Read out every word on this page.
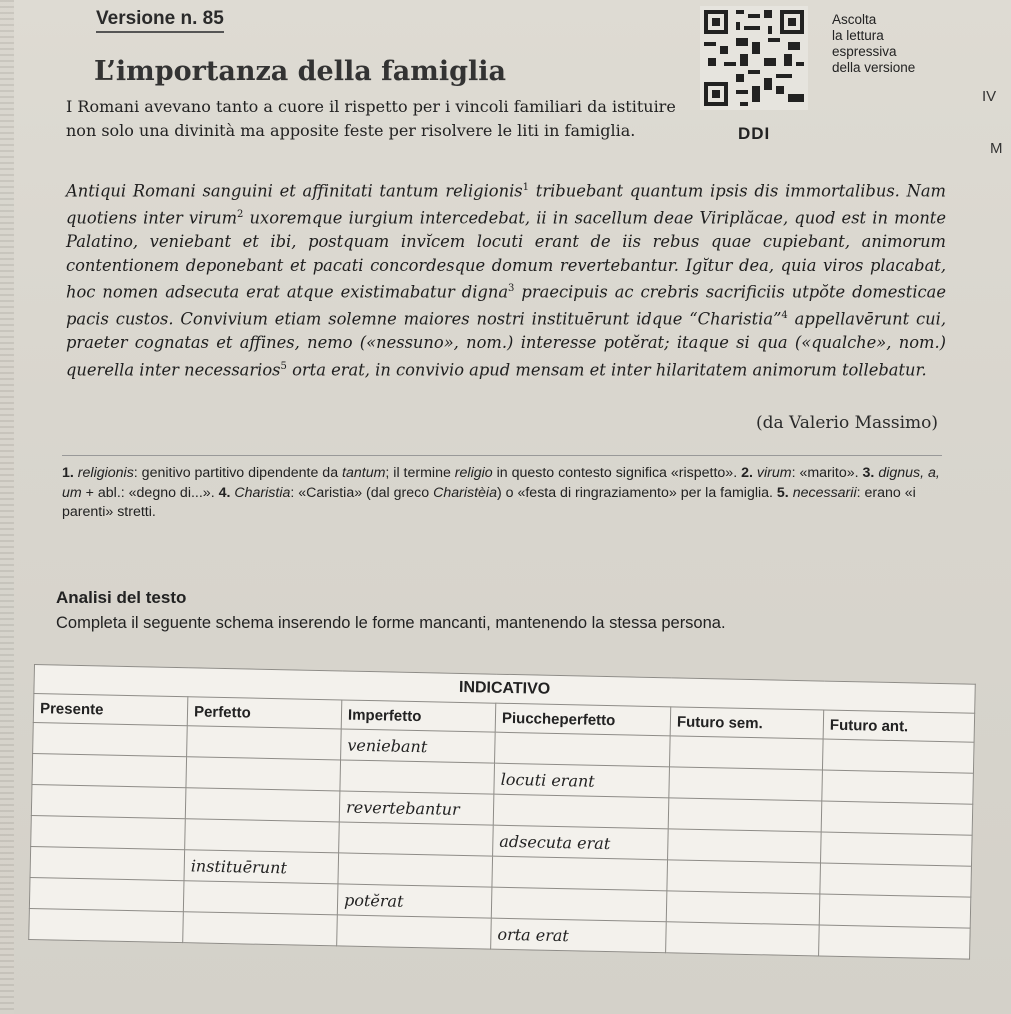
Versione n. 85
DDI
Ascolta
la lettura
espressiva
della versione
IV
M
L’importanza della famiglia
I Romani avevano tanto a cuore il rispetto per i vincoli familiari da istituire non solo una divinità ma apposite feste per risolvere le liti in famiglia.
Antiqui Romani sanguini et affinitati tantum religionis$^1$ tribuebant quantum ipsis dis immortalibus. Nam quotiens inter virum$^2$ uxoremque iurgium intercedebat, ii in sacellum deae Viriplăcae, quod est in monte Palatino, veniebant et ibi, postquam invĭcem locuti erant de iis rebus quae cupiebant, animorum contentionem deponebant et pacati concordesque domum revertebantur. Igĭtur dea, quia viros placabat, hoc nomen adsecuta erat atque existimabatur digna$^3$ praecipuis ac crebris sacrificiis utpŏte domesticae pacis custos. Convivium etiam solemne maiores nostri instituērunt idque “Charistia”$^4$ appellavērunt cui, praeter cognatas et affines, nemo («nessuno», nom.) interesse potĕrat; itaque si qua («qualche», nom.) querella inter necessarios$^5$ orta erat, in convivio apud mensam et inter hilaritatem animorum tollebatur.
(da Valerio Massimo)
1. religionis: genitivo partitivo dipendente da tantum; il termine religio in questo contesto significa «rispetto». 2. virum: «marito». 3. dignus, a, um + abl.: «degno di...». 4. Charistia: «Caristia» (dal greco Charistèia) o «festa di ringraziamento» per la famiglia. 5. necessarii: erano «i parenti» stretti.
Analisi del testo
Completa il seguente schema inserendo le forme mancanti, mantenendo la stessa persona.
INDICATIVO					
Presente	Perfetto	Imperfetto	Piuccheperfetto	Futuro sem.	Futuro ant.
		veniebant			
			locuti erant		
		revertebantur			
			adsecuta erat		
	instituērunt				
		potĕrat			
			orta erat		
